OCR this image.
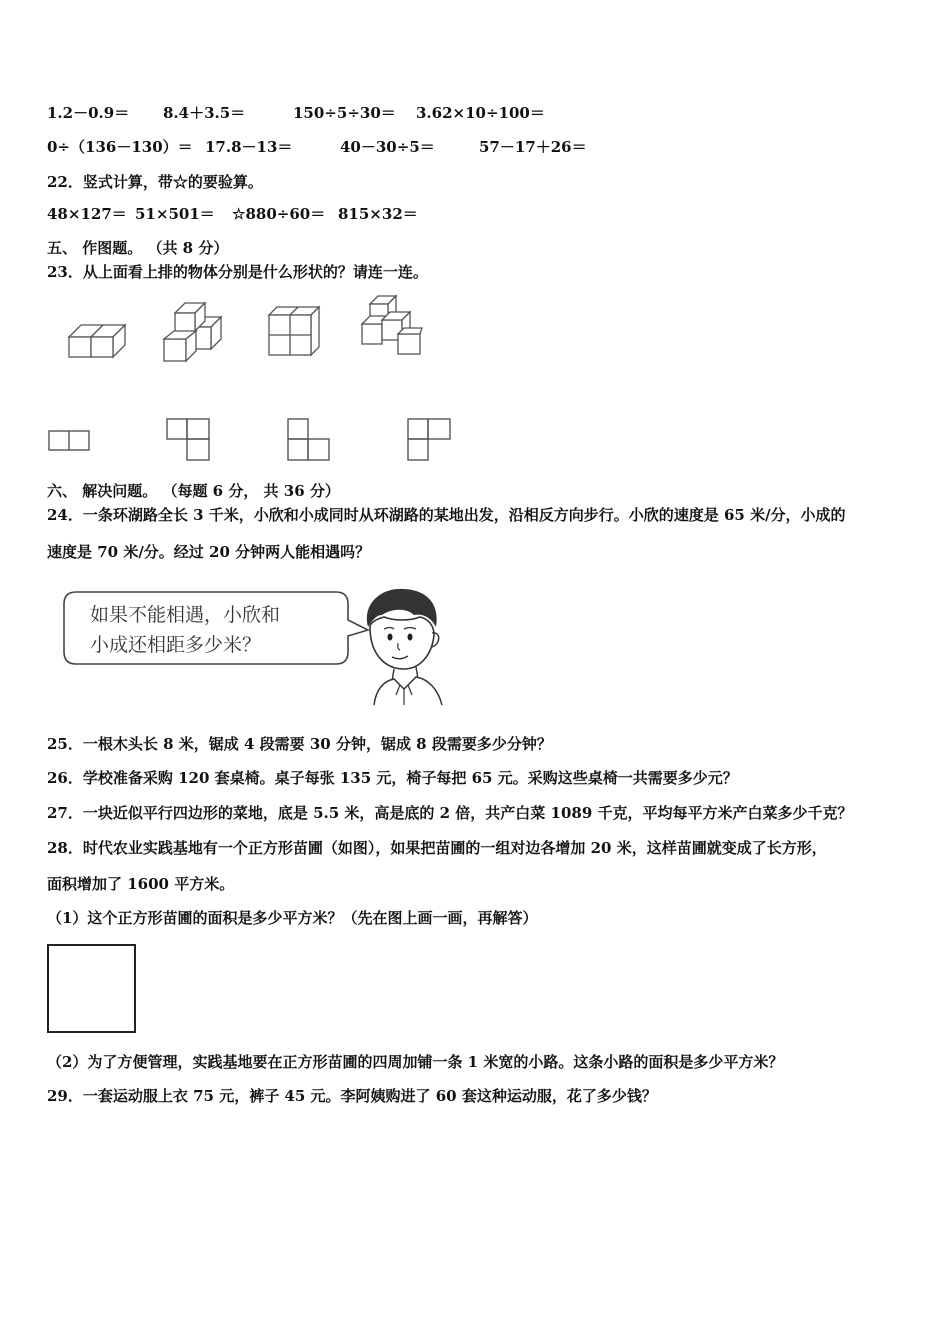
1.2－0.9＝ 8.4＋3.5＝	150÷5÷30＝ 3.62×10÷100＝
0÷（136－130）＝ 17.8－13＝	40－30÷5＝	57－17＋26＝
22．竖式计算，带☆的要验算。
48×127＝ 51×501＝ ☆880÷60＝ 815×32＝
五、 作图题。 （共 8 分）
23．从上面看上排的物体分别是什么形状的？请连一连。
六、 解决问题。 （每题 6 分， 共 36 分）
24．一条环湖路全长 3 千米，小欣和小成同时从环湖路的某地出发，沿相反方向步行。小欣的速度是 65 米/分，小成的
速度是 70 米/分。经过 20 分钟两人能相遇吗？
如果不能相遇，小欣和
小成还相距多少米？
25．一根木头长 8 米，锯成 4 段需要 30 分钟，锯成 8 段需要多少分钟？
26．学校准备采购 120 套桌椅。桌子每张 135 元，椅子每把 65 元。采购这些桌椅一共需要多少元？
27．一块近似平行四边形的菜地，底是 5.5 米，高是底的 2 倍，共产白菜 1089 千克，平均每平方米产白菜多少千克？
28．时代农业实践基地有一个正方形苗圃（如图），如果把苗圃的一组对边各增加 20 米，这样苗圃就变成了长方形，
面积增加了 1600 平方米。
（1）这个正方形苗圃的面积是多少平方米？（先在图上画一画，再解答）
（2）为了方便管理，实践基地要在正方形苗圃的四周加铺一条 1 米宽的小路。这条小路的面积是多少平方米？
29．一套运动服上衣 75 元，裤子 45 元。李阿姨购进了 60 套这种运动服，花了多少钱？
